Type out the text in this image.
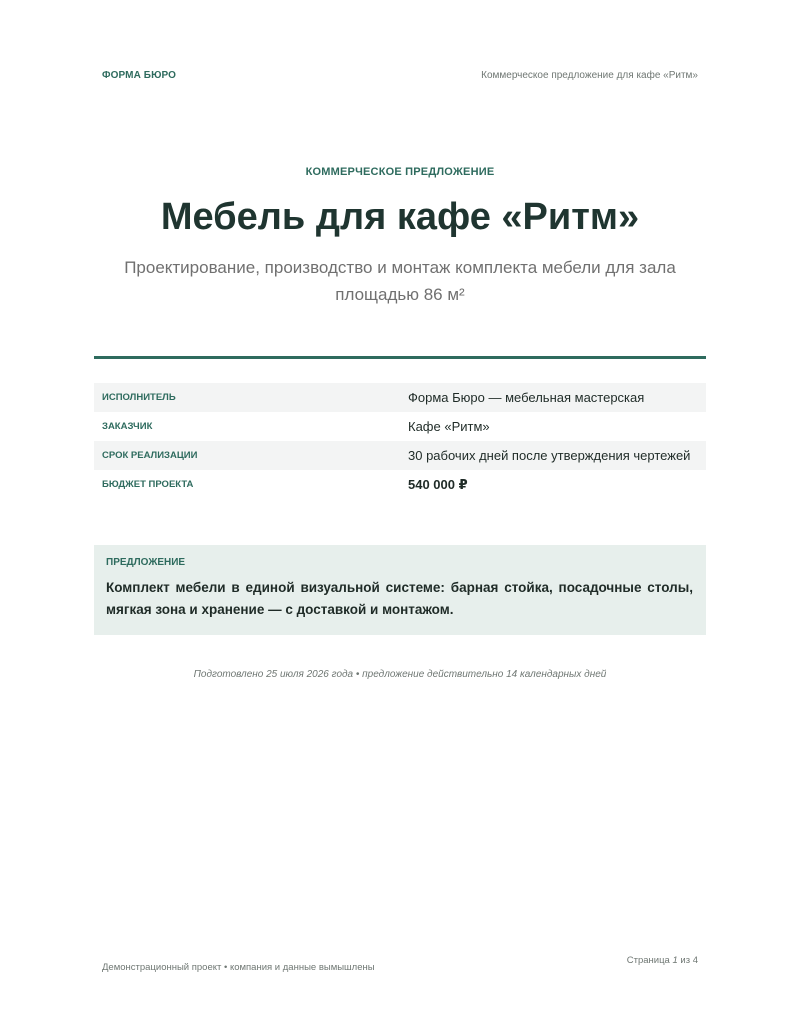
ФОРМА БЮРО	Коммерческое предложение для кафе «Ритм»
КОММЕРЧЕСКОЕ ПРЕДЛОЖЕНИЕ
Мебель для кафе «Ритм»
Проектирование, производство и монтаж комплекта мебели для зала площадью 86 м²
ИСПОЛНИТЕЛЬ	Форма Бюро — мебельная мастерская
ЗАКАЗЧИК	Кафе «Ритм»
СРОК РЕАЛИЗАЦИИ	30 рабочих дней после утверждения чертежей
БЮДЖЕТ ПРОЕКТА	540 000 ₽
ПРЕДЛОЖЕНИЕ
Комплект мебели в единой визуальной системе: барная стойка, посадочные столы, мягкая зона и хранение — с доставкой и монтажом.
Подготовлено 25 июля 2026 года • предложение действительно 14 календарных дней
Демонстрационный проект • компания и данные вымышлены
Страница 1 из 4
